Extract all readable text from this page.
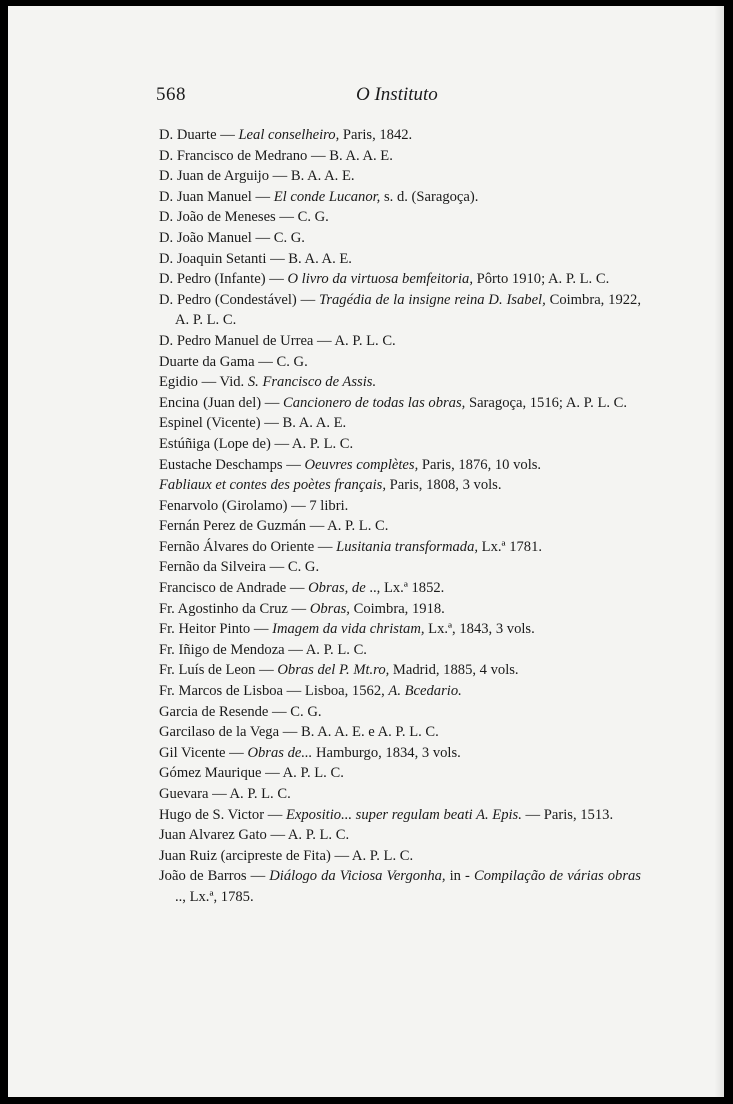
568	O Instituto
D. Duarte — Leal conselheiro, Paris, 1842.
D. Francisco de Medrano — B. A. A. E.
D. Juan de Arguijo — B. A. A. E.
D. Juan Manuel — El conde Lucanor, s. d. (Saragoça).
D. João de Meneses — C. G.
D. João Manuel — C. G.
D. Joaquin Setanti — B. A. A. E.
D. Pedro (Infante) — O livro da virtuosa bemfeitoria, Pôrto 1910; A. P. L. C.
D. Pedro (Condestável) — Tragédia de la insigne reina D. Isabel, Coimbra, 1922, A. P. L. C.
D. Pedro Manuel de Urrea — A. P. L. C.
Duarte da Gama — C. G.
Egidio — Vid. S. Francisco de Assis.
Encina (Juan del) — Cancionero de todas las obras, Saragoça, 1516; A. P. L. C.
Espinel (Vicente) — B. A. A. E.
Estúñiga (Lope de) — A. P. L. C.
Eustache Deschamps — Oeuvres complètes, Paris, 1876, 10 vols.
Fabliaux et contes des poètes français, Paris, 1808, 3 vols.
Fenarvolo (Girolamo) — 7 libri.
Fernán Perez de Guzmán — A. P. L. C.
Fernão Álvares do Oriente — Lusitania transformada, Lx.ª 1781.
Fernão da Silveira — C. G.
Francisco de Andrade — Obras, de .., Lx.ª 1852.
Fr. Agostinho da Cruz — Obras, Coimbra, 1918.
Fr. Heitor Pinto — Imagem da vida christam, Lx.ª, 1843, 3 vols.
Fr. Iñigo de Mendoza — A. P. L. C.
Fr. Luís de Leon — Obras del P. Mt.ro, Madrid, 1885, 4 vols.
Fr. Marcos de Lisboa — Lisboa, 1562, A. Bcedario.
Garcia de Resende — C. G.
Garcilaso de la Vega — B. A. A. E. e A. P. L. C.
Gil Vicente — Obras de... Hamburgo, 1834, 3 vols.
Gómez Maurique — A. P. L. C.
Guevara — A. P. L. C.
Hugo de S. Victor — Expositio... super regulam beati A. Epis. — Paris, 1513.
Juan Alvarez Gato — A. P. L. C.
Juan Ruiz (arcipreste de Fita) — A. P. L. C.
João de Barros — Diálogo da Viciosa Vergonha, in - Compilação de várias obras .., Lx.ª, 1785.
